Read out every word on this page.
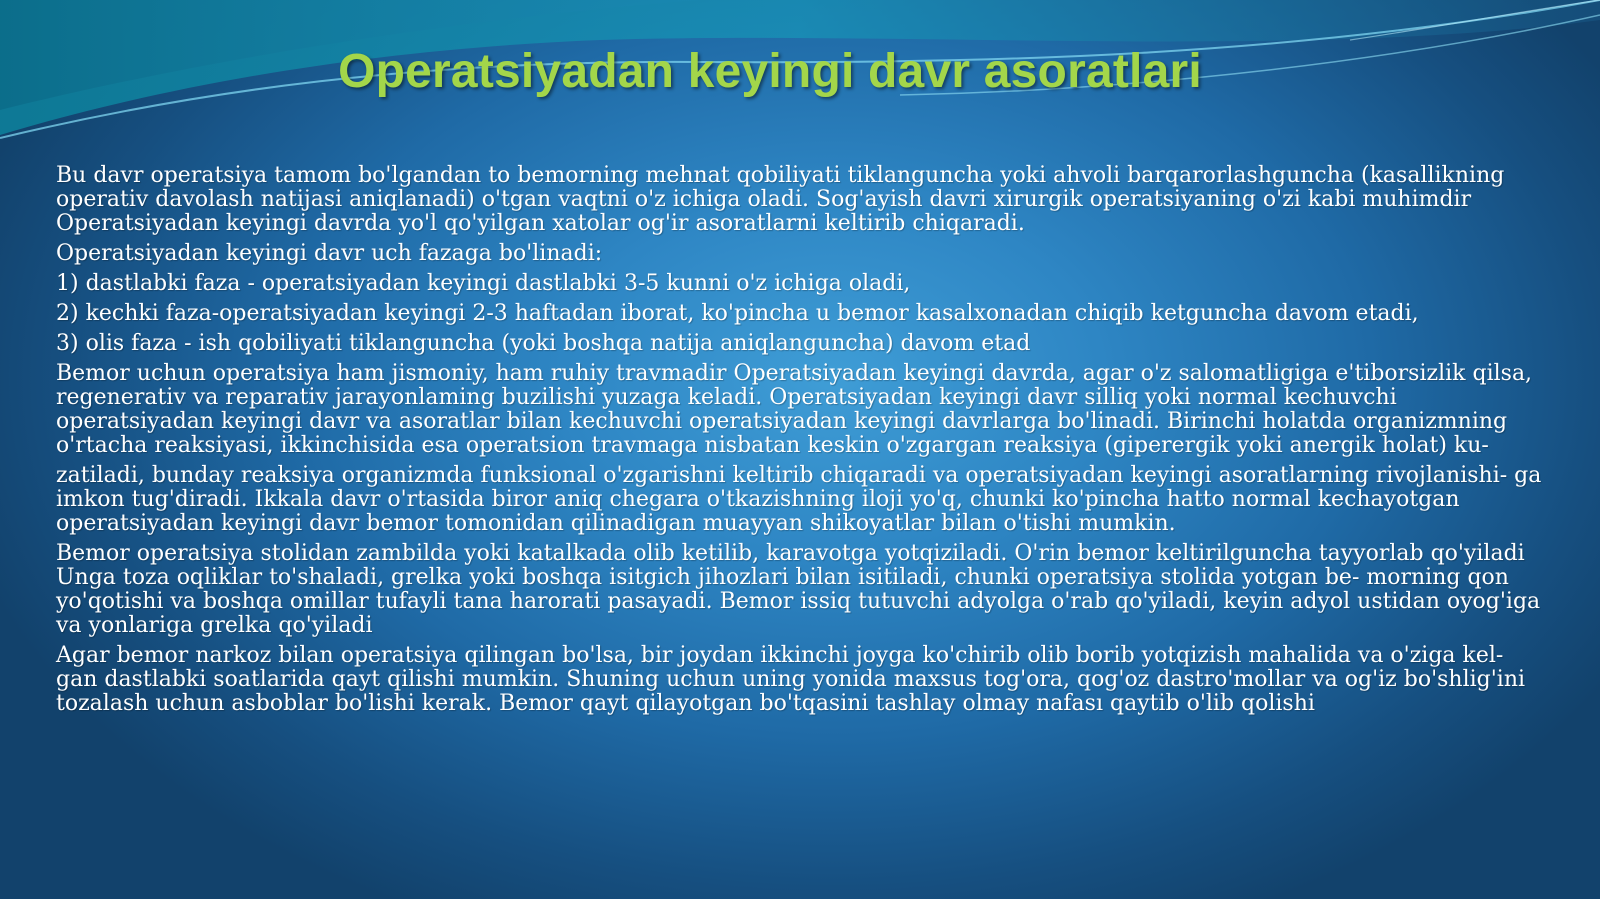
Operatsiyadan keyingi davr asoratlari

Bu davr operatsiya tamom bo'lgandan to bemorning mehnat qobiliyati tiklanguncha yoki ahvoli barqarorlashguncha (kasallikning operativ davolash natijasi aniqlanadi) o'tgan vaqtni o'z ichiga oladi. Sog'ayish davri xirurgik operatsiyaning o'zi kabi muhimdir Operatsiyadan keyingi davrda yo'l qo'yilgan xatolar og'ir asoratlarni keltirib chiqaradi.

Operatsiyadan keyingi davr uch fazaga bo'linadi:

1) dastlabki faza - operatsiyadan keyingi dastlabki 3-5 kunni o'z ichiga oladi,

2) kechki faza-operatsiyadan keyingi 2-3 haftadan iborat, ko'pincha u bemor kasalxonadan chiqib ketguncha davom etadi,

3) olis faza - ish qobiliyati tiklanguncha (yoki boshqa natija aniqlanguncha) davom etad

Bemor uchun operatsiya ham jismoniy, ham ruhiy travmadir Operatsiyadan keyingi davrda, agar o'z salomatligiga e'tiborsizlik qilsa, regenerativ va reparativ jarayonlaming buzilishi yuzaga keladi. Operatsiyadan keyingi davr silliq yoki normal kechuvchi operatsiyadan keyingi davr va asoratlar bilan kechuvchi operatsiyadan keyingi davrlarga bo'linadi. Birinchi holatda organizmning o'rtacha reaksiyasi, ikkinchisida esa operatsion travmaga nisbatan keskin o'zgargan reaksiya (giperergik yoki anergik holat) ku-

zatiladi, bunday reaksiya organizmda funksional o'zgarishni keltirib chiqaradi va operatsiyadan keyingi asoratlarning rivojlanishi- ga imkon tug'diradi. Ikkala davr o'rtasida biror aniq chegara o'tkazishning iloji yo'q, chunki ko'pincha hatto normal kechayotgan operatsiyadan keyingi davr bemor tomonidan qilinadigan muayyan shikoyatlar bilan o'tishi mumkin.

Bemor operatsiya stolidan zambilda yoki katalkada olib ketilib, karavotga yotqiziladi. O'rin bemor keltirilguncha tayyorlab qo'yiladi Unga toza oqliklar to'shaladi, grelka yoki boshqa isitgich jihozlari bilan isitiladi, chunki operatsiya stolida yotgan be- morning qon yo'qotishi va boshqa omillar tufayli tana harorati pasayadi. Bemor issiq tutuvchi adyolga o'rab qo'yiladi, keyin adyol ustidan oyog'iga va yonlariga grelka qo'yiladi

Agar bemor narkoz bilan operatsiya qilingan bo'lsa, bir joydan ikkinchi joyga ko'chirib olib borib yotqizish mahalida va o'ziga kel- gan dastlabki soatlarida qayt qilishi mumkin. Shuning uchun uning yonida maxsus tog'ora, qog'oz dastro'mollar va og'iz bo'shlig'ini tozalash uchun asboblar bo'lishi kerak. Bemor qayt qilayotgan bo'tqasini tashlay olmay nafası qaytib o'lib qolishi
